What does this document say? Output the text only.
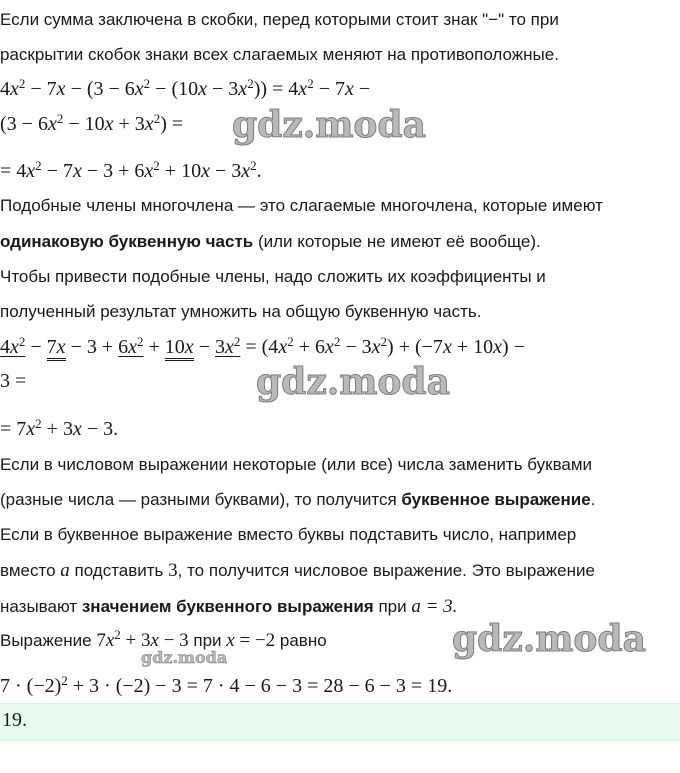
Если сумма заключена в скобки, перед которыми стоит знак "−" то при
раскрытии скобок знаки всех слагаемых меняют на противоположные.
$4x^2 - 7x - (3 - 6x^2 - (10x - 3x^2)) = 4x^2 - 7x$ −
$(3 - 6x^2 - 10x + 3x^2)$ = gdz.moda
= $4x^2 - 7x - 3 + 6x^2 + 10x - 3x^2$.
Подобные члены многочлена — это слагаемые многочлена, которые имеют
одинаковую буквенную часть (или которые не имеют её вообще).
Чтобы привести подобные члены, надо сложить их коэффициенты и
полученный результат умножить на общую буквенную часть.
$4x^2 - 7x - 3 + 6x^2 + 10x - 3x^2 = (4x^2 + 6x^2 - 3x^2) + (-7x + 10x)$ −
3 =	gdz.moda
= $7x^2 + 3x - 3$.
Если в числовом выражении некоторые (или все) числа заменить буквами
(разные числа — разными буквами), то получится буквенное выражение.
Если в буквенное выражение вместо буквы подставить число, например
вместо a подставить 3, то получится числовое выражение. Это выражение
называют значением буквенного выражения при a = 3.
Выражение $7x^2 + 3x - 3$ при x = −2 равно
gdz.moda	gdz.moda
$7 \cdot (-2)^2 + 3 \cdot (-2) - 3 = 7 \cdot 4 - 6 - 3 = 28 - 6 - 3 = 19$.
19.
